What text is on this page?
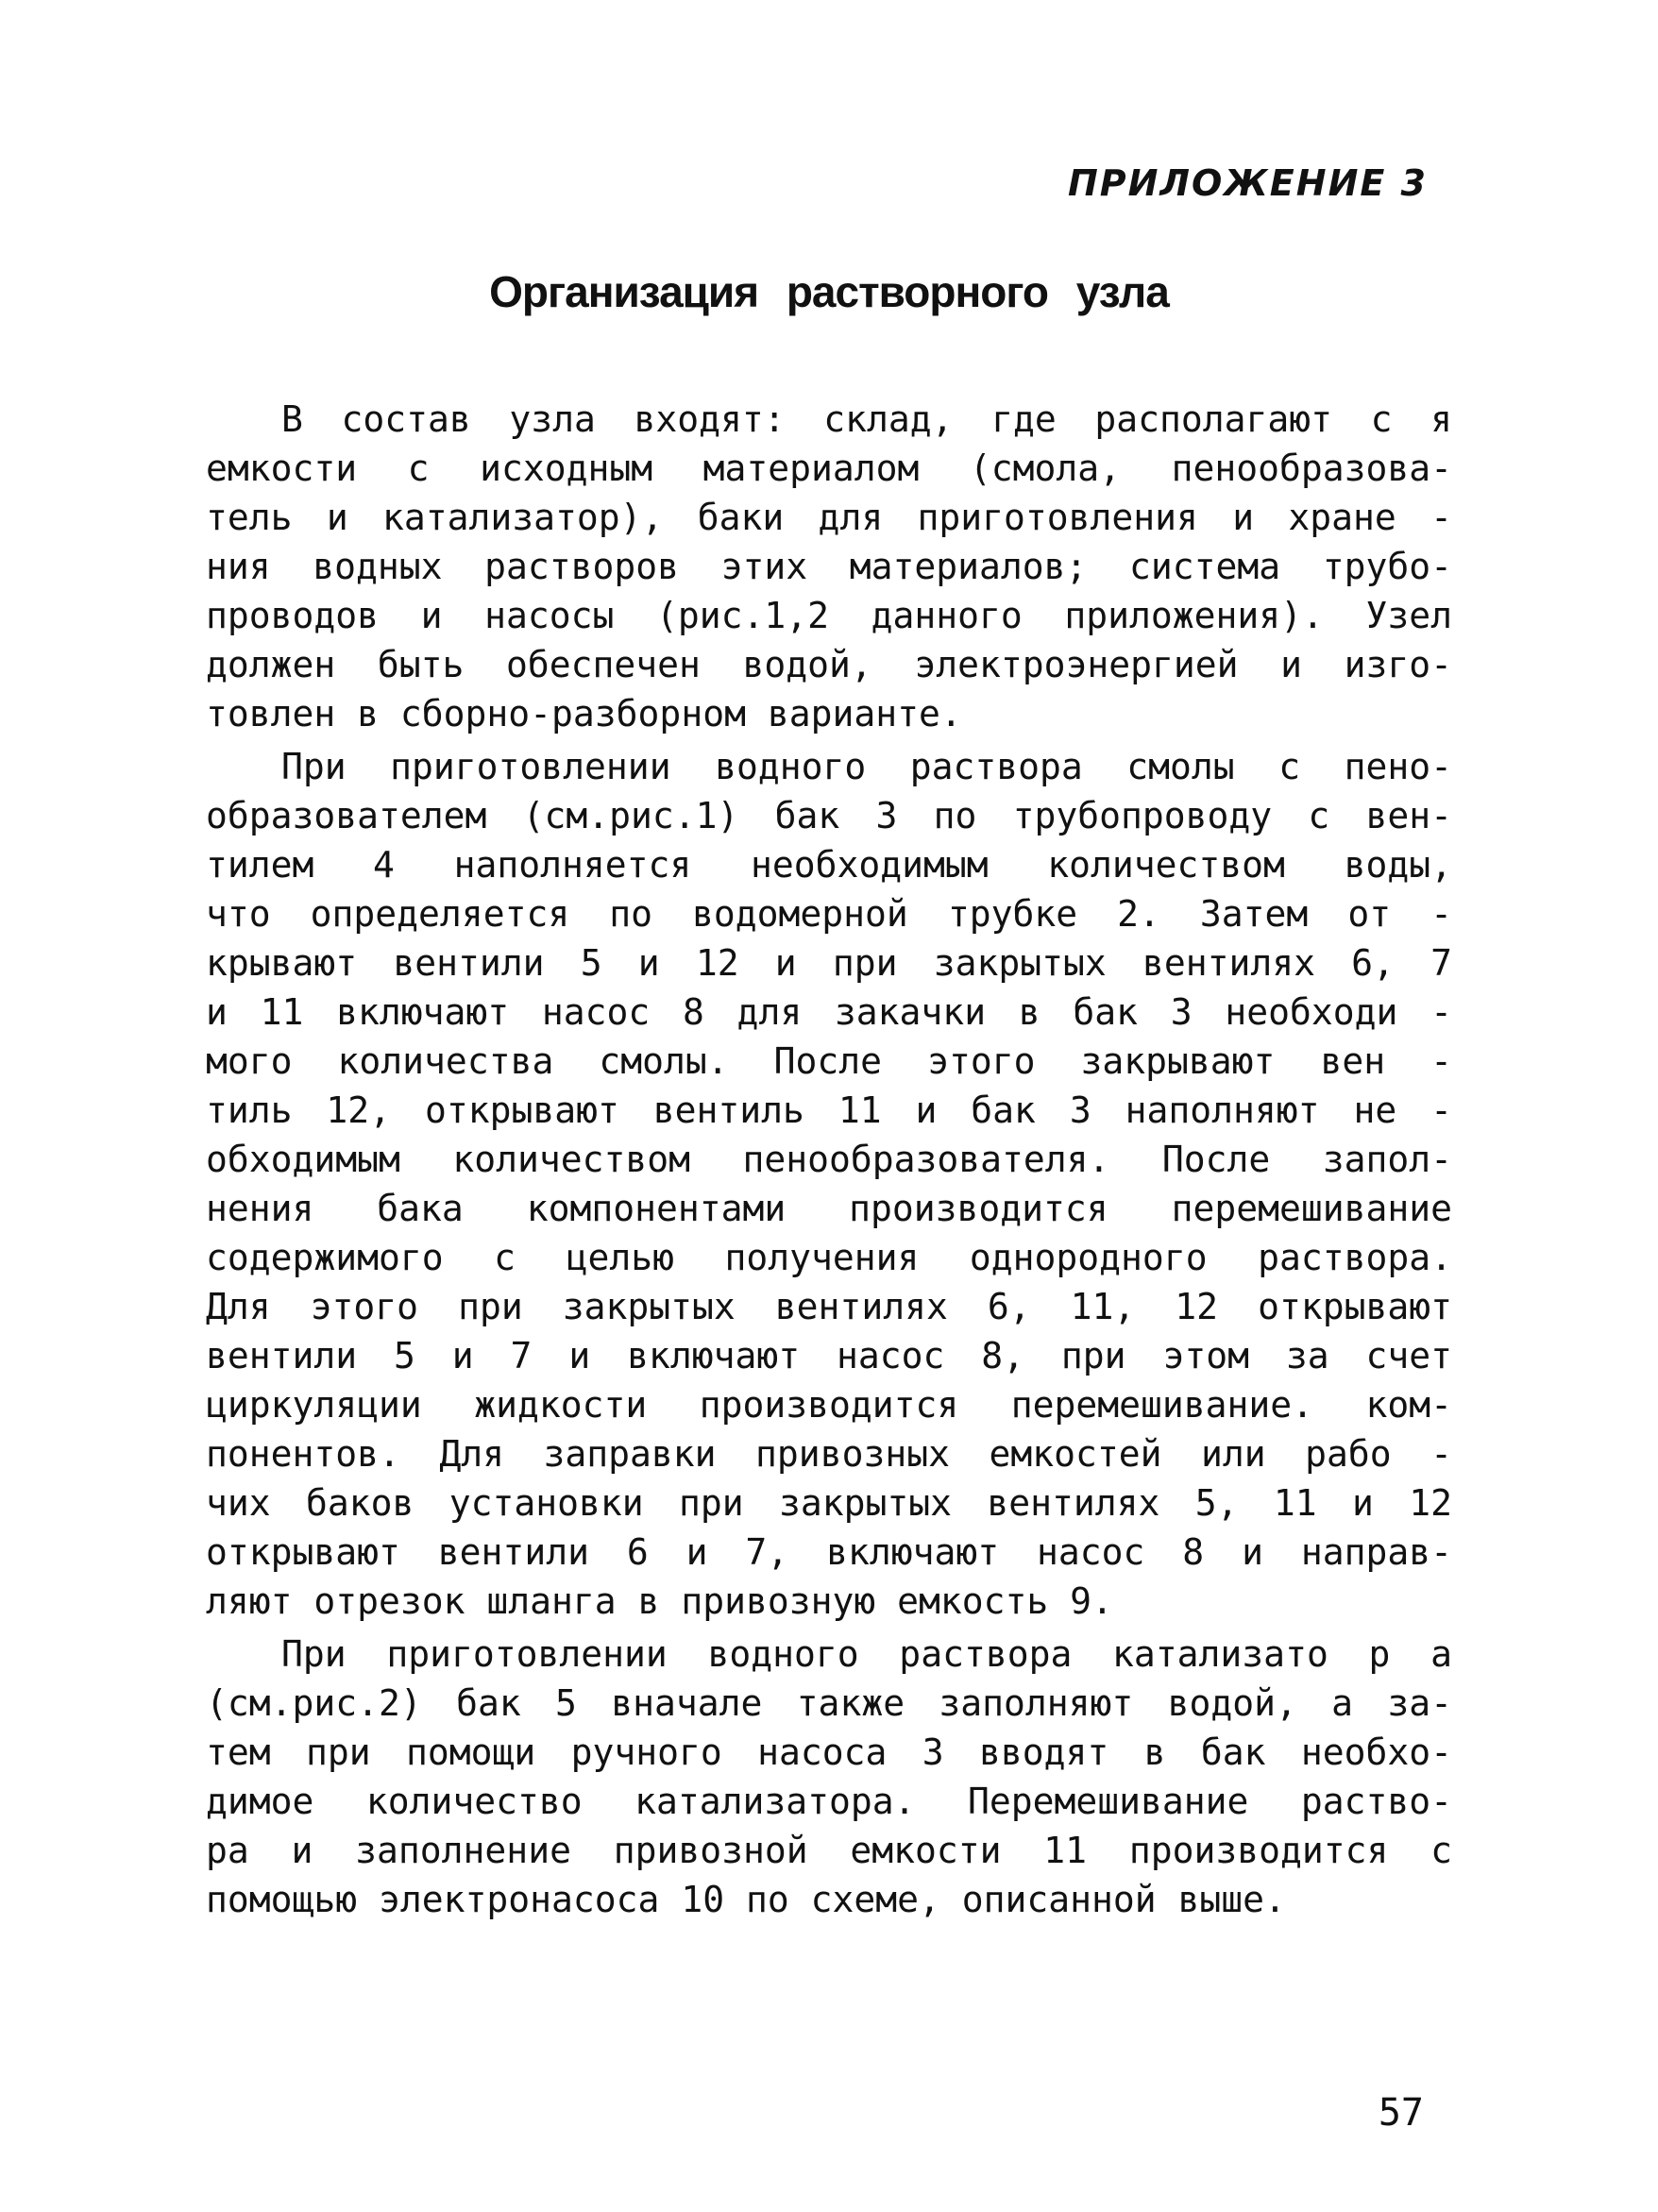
ПРИЛОЖЕНИЕ 3
Организация растворного узла
В состав узла входят: склад, где располагают с я
емкости с исходным материалом (смола, пенообразова-
тель и катализатор), баки для приготовления и хране -
ния водных растворов этих материалов; система трубо-
проводов и насосы (рис.1,2 данного приложения). Узел
должен быть обеспечен водой, электроэнергией и изго-
товлен в сборно-разборном варианте.
При приготовлении водного раствора смолы с пено-
образователем (см.рис.1) бак 3 по трубопроводу с вен-
тилем 4 наполняется необходимым количеством воды,
что определяется по водомерной трубке 2. Затем от -
крывают вентили 5 и 12 и при закрытых вентилях 6, 7
и 11 включают насос 8 для закачки в бак 3 необходи -
мого количества смолы. После этого закрывают вен -
тиль 12, открывают вентиль 11 и бак 3 наполняют не -
обходимым количеством пенообразователя. После запол-
нения бака компонентами производится перемешивание
содержимого с целью получения однородного раствора.
Для этого при закрытых вентилях 6, 11, 12 открывают
вентили 5 и 7 и включают насос 8, при этом за счет
циркуляции жидкости производится перемешивание. ком-
понентов. Для заправки привозных емкостей или рабо -
чих баков установки при закрытых вентилях 5, 11 и 12
открывают вентили 6 и 7, включают насос 8 и направ-
ляют отрезок шланга в привозную емкость 9.
При приготовлении водного раствора катализато р а
(см.рис.2) бак 5 вначале также заполняют водой, а за-
тем при помощи ручного насоса 3 вводят в бак необхо-
димое количество катализатора. Перемешивание раство-
ра и заполнение привозной емкости 11 производится с
помощью электронасоса 10 по схеме, описанной выше.
57
